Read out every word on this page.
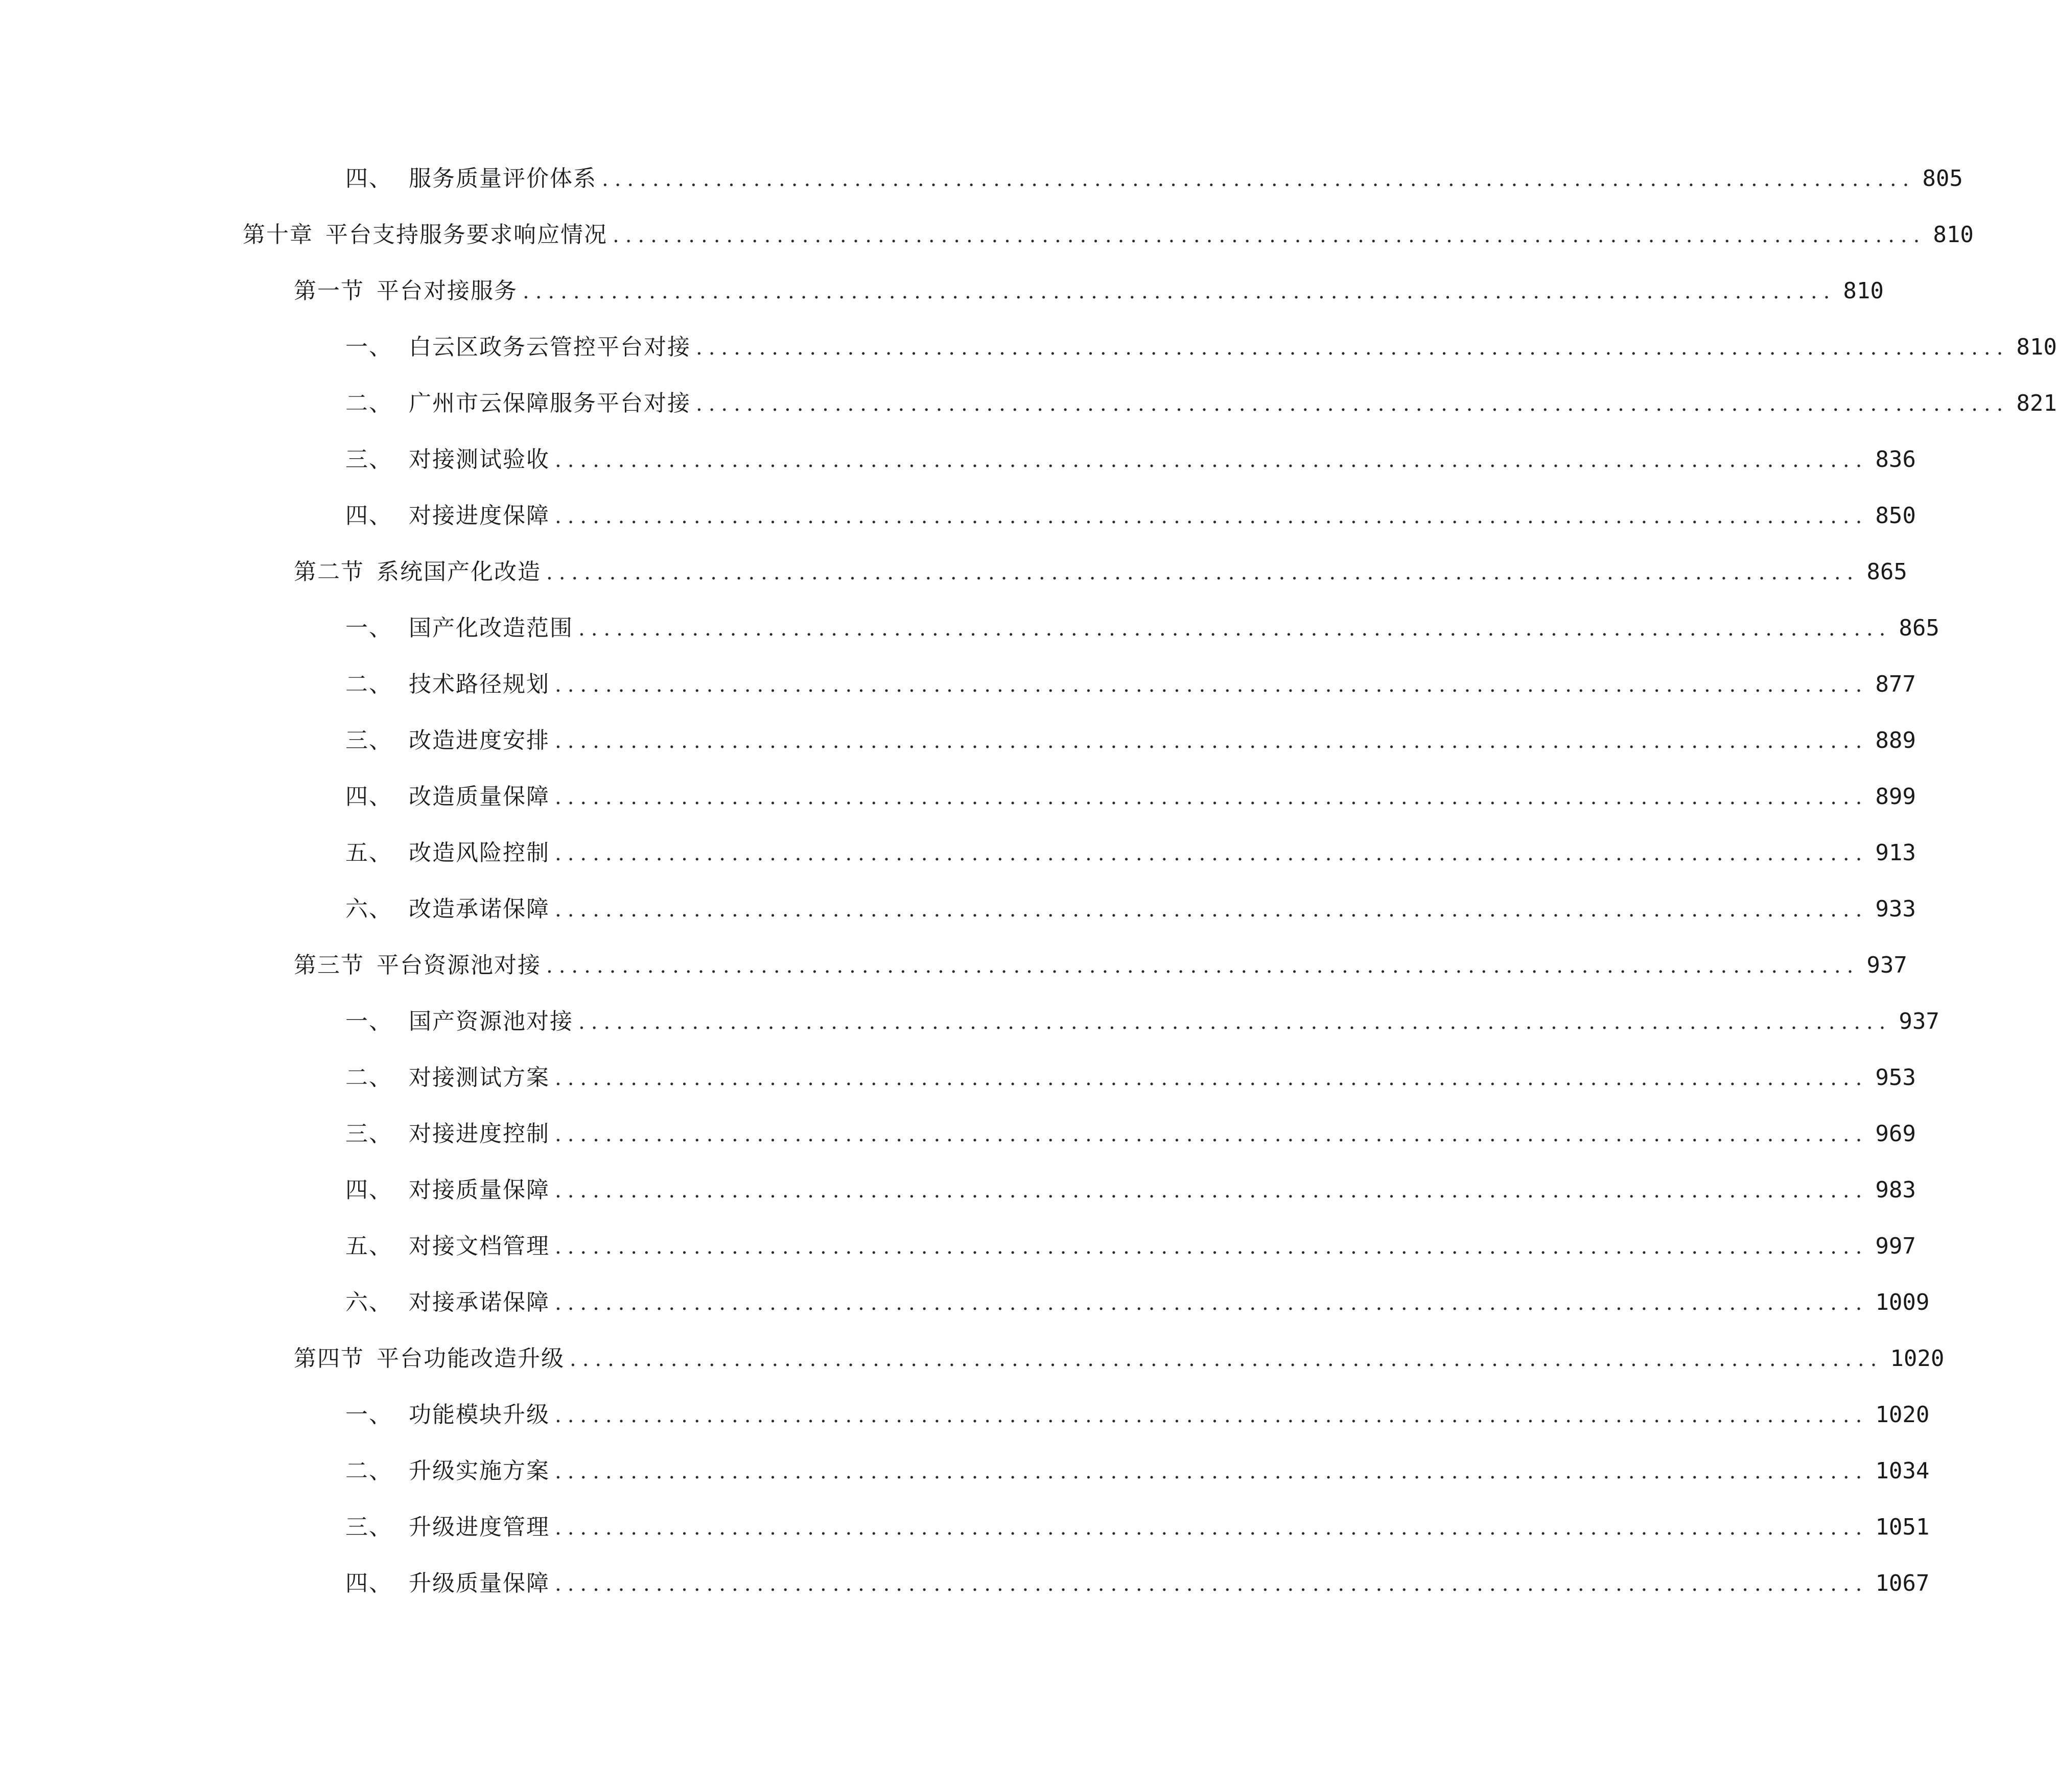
四、 服务质量评价体系 ........................................................................................................ 805
第十章 平台支持服务要求响应情况 ........................................................................................................ 810
第一节 平台对接服务 ........................................................................................................ 810
一、 白云区政务云管控平台对接 ........................................................................................................ 810
二、 广州市云保障服务平台对接 ........................................................................................................ 821
三、 对接测试验收 ........................................................................................................ 836
四、 对接进度保障 ........................................................................................................ 850
第二节 系统国产化改造 ........................................................................................................ 865
一、 国产化改造范围 ........................................................................................................ 865
二、 技术路径规划 ........................................................................................................ 877
三、 改造进度安排 ........................................................................................................ 889
四、 改造质量保障 ........................................................................................................ 899
五、 改造风险控制 ........................................................................................................ 913
六、 改造承诺保障 ........................................................................................................ 933
第三节 平台资源池对接 ........................................................................................................ 937
一、 国产资源池对接 ........................................................................................................ 937
二、 对接测试方案 ........................................................................................................ 953
三、 对接进度控制 ........................................................................................................ 969
四、 对接质量保障 ........................................................................................................ 983
五、 对接文档管理 ........................................................................................................ 997
六、 对接承诺保障 ........................................................................................................ 1009
第四节 平台功能改造升级 ........................................................................................................ 1020
一、 功能模块升级 ........................................................................................................ 1020
二、 升级实施方案 ........................................................................................................ 1034
三、 升级进度管理 ........................................................................................................ 1051
四、 升级质量保障 ........................................................................................................ 1067
